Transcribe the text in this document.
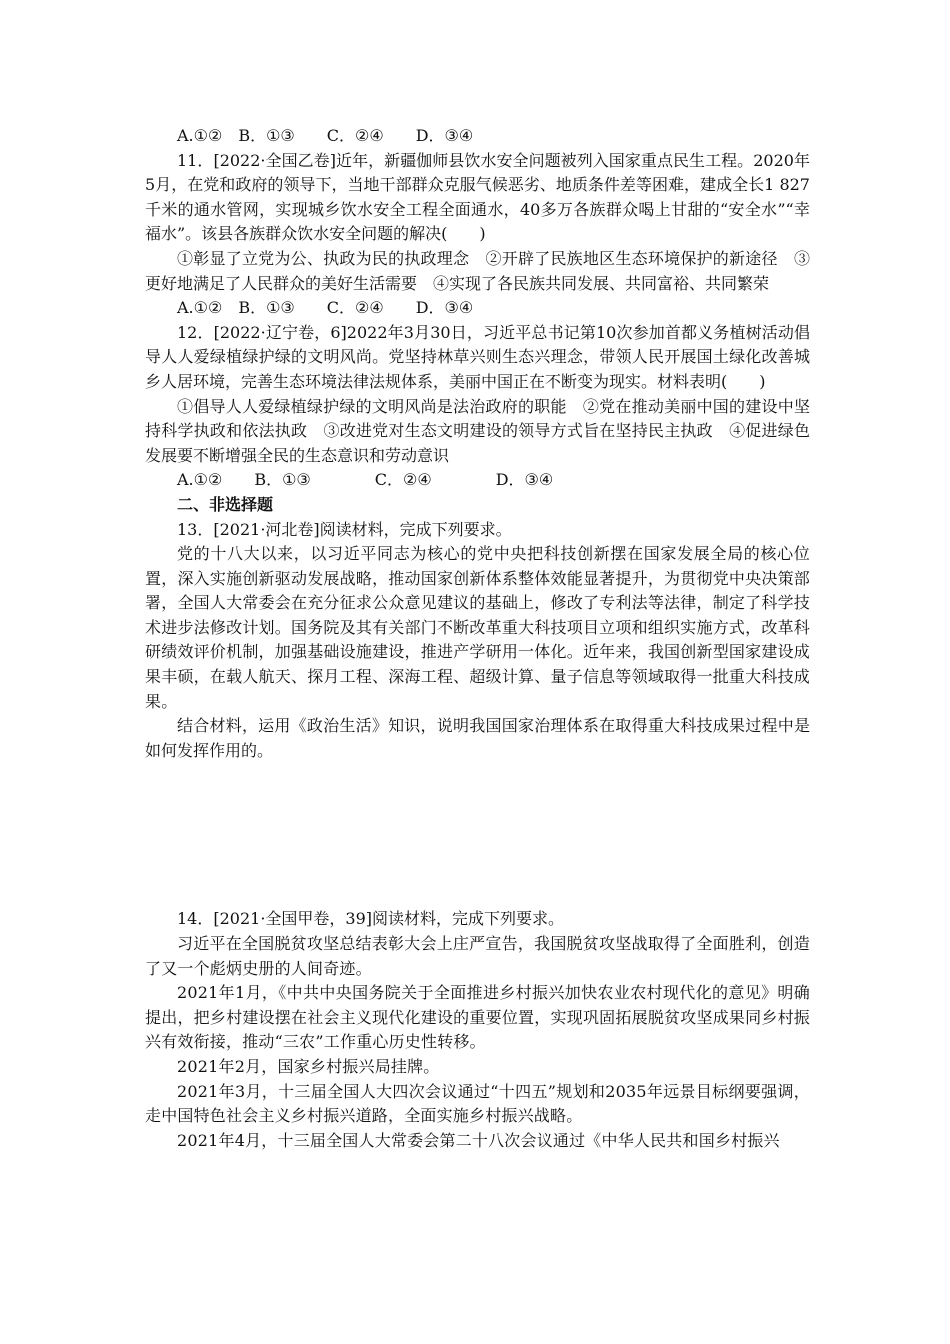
A.①②　B．①③　　C．②④　　D．③④

11．[2022·全国乙卷]近年，新疆伽师县饮水安全问题被列入国家重点民生工程。2020年5月，在党和政府的领导下，当地干部群众克服气候恶劣、地质条件差等困难，建成全长1 827千米的通水管网，实现城乡饮水安全工程全面通水，40多万各族群众喝上甘甜的“安全水”“幸福水”。该县各族群众饮水安全问题的解决(　　)

①彰显了立党为公、执政为民的执政理念　②开辟了民族地区生态环境保护的新途径　③更好地满足了人民群众的美好生活需要　④实现了各民族共同发展、共同富裕、共同繁荣

A.①②　B．①③　　C．②④　　D．③④

12．[2022·辽宁卷，6]2022年3月30日，习近平总书记第10次参加首都义务植树活动倡导人人爱绿植绿护绿的文明风尚。党坚持林草兴则生态兴理念，带领人民开展国土绿化改善城乡人居环境，完善生态环境法律法规体系，美丽中国正在不断变为现实。材料表明(　　)

①倡导人人爱绿植绿护绿的文明风尚是法治政府的职能　②党在推动美丽中国的建设中坚持科学执政和依法执政　③改进党对生态文明建设的领导方式旨在坚持民主执政　④促进绿色发展要不断增强全民的生态意识和劳动意识

A.①②　　B．①③　　　　C．②④　　　　D．③④

二、非选择题

13．[2021·河北卷]阅读材料，完成下列要求。

党的十八大以来，以习近平同志为核心的党中央把科技创新摆在国家发展全局的核心位置，深入实施创新驱动发展战略，推动国家创新体系整体效能显著提升，为贯彻党中央决策部署，全国人大常委会在充分征求公众意见建议的基础上，修改了专利法等法律，制定了科学技术进步法修改计划。国务院及其有关部门不断改革重大科技项目立项和组织实施方式，改革科研绩效评价机制，加强基础设施建设，推进产学研用一体化。近年来，我国创新型国家建设成果丰硕，在载人航天、探月工程、深海工程、超级计算、量子信息等领域取得一批重大科技成果。

结合材料，运用《政治生活》知识，说明我国国家治理体系在取得重大科技成果过程中是如何发挥作用的。

14．[2021·全国甲卷，39]阅读材料，完成下列要求。

习近平在全国脱贫攻坚总结表彰大会上庄严宣告，我国脱贫攻坚战取得了全面胜利，创造了又一个彪炳史册的人间奇迹。

2021年1月，《中共中央国务院关于全面推进乡村振兴加快农业农村现代化的意见》明确提出，把乡村建设摆在社会主义现代化建设的重要位置，实现巩固拓展脱贫攻坚成果同乡村振兴有效衔接，推动“三农”工作重心历史性转移。

2021年2月，国家乡村振兴局挂牌。

2021年3月，十三届全国人大四次会议通过“十四五”规划和2035年远景目标纲要强调，走中国特色社会主义乡村振兴道路，全面实施乡村振兴战略。

2021年4月，十三届全国人大常委会第二十八次会议通过《中华人民共和国乡村振兴
